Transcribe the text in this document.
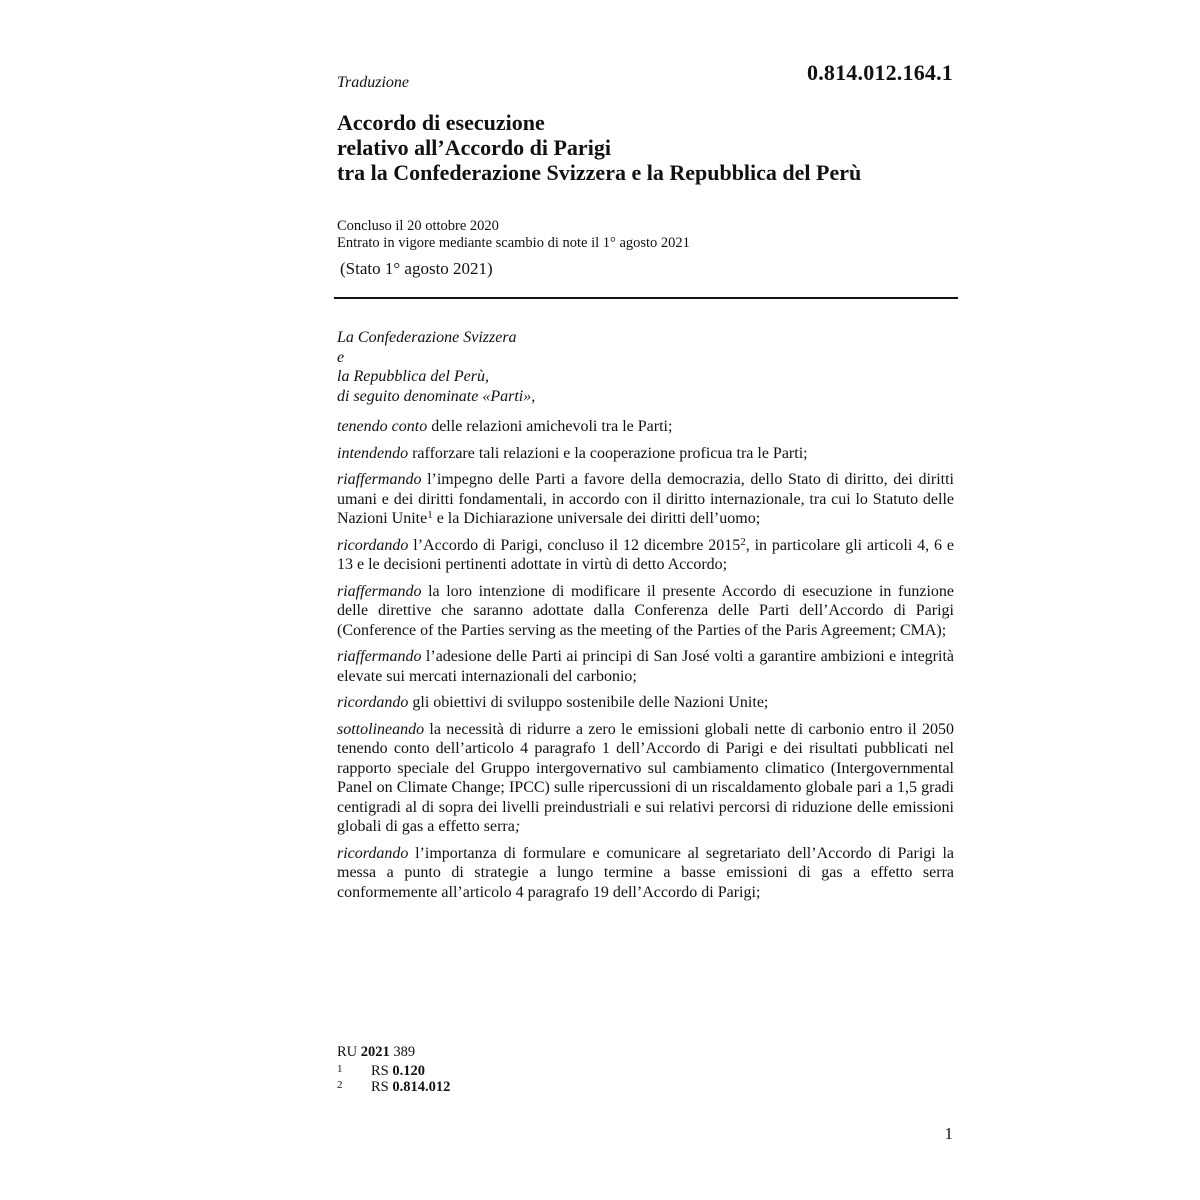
0.814.012.164.1
Traduzione
Accordo di esecuzione
relativo all’Accordo di Parigi
tra la Confederazione Svizzera e la Repubblica del Perù
Concluso il 20 ottobre 2020
Entrato in vigore mediante scambio di note il 1° agosto 2021
(Stato 1° agosto 2021)
La Confederazione Svizzera
e
la Repubblica del Perù,
di seguito denominate «Parti»,

tenendo conto delle relazioni amichevoli tra le Parti;

intendendo rafforzare tali relazioni e la cooperazione proficua tra le Parti;

riaffermando l’impegno delle Parti a favore della democrazia, dello Stato di diritto, dei diritti umani e dei diritti fondamentali, in accordo con il diritto internazionale, tra cui lo Statuto delle Nazioni Unite$^1$ e la Dichiarazione universale dei diritti dell’uomo;

ricordando l’Accordo di Parigi, concluso il 12 dicembre 2015$^2$, in particolare gli articoli 4, 6 e 13 e le decisioni pertinenti adottate in virtù di detto Accordo;

riaffermando la loro intenzione di modificare il presente Accordo di esecuzione in funzione delle direttive che saranno adottate dalla Conferenza delle Parti dell’Accordo di Parigi (Conference of the Parties serving as the meeting of the Parties of the Paris Agreement; CMA);

riaffermando l’adesione delle Parti ai principi di San José volti a garantire ambizioni e integrità elevate sui mercati internazionali del carbonio;

ricordando gli obiettivi di sviluppo sostenibile delle Nazioni Unite;

sottolineando la necessità di ridurre a zero le emissioni globali nette di carbonio entro il 2050 tenendo conto dell’articolo 4 paragrafo 1 dell’Accordo di Parigi e dei risultati pubblicati nel rapporto speciale del Gruppo intergovernativo sul cambiamento climatico (Intergovernmental Panel on Climate Change; IPCC) sulle ripercussioni di un riscaldamento globale pari a 1,5 gradi centigradi al di sopra dei livelli preindustriali e sui relativi percorsi di riduzione delle emissioni globali di gas a effetto serra;

ricordando l’importanza di formulare e comunicare al segretariato dell’Accordo di Parigi la messa a punto di strategie a lungo termine a basse emissioni di gas a effetto serra conformemente all’articolo 4 paragrafo 19 dell’Accordo di Parigi;

RU 2021 389
1	RS 0.120
2	RS 0.814.012
1
